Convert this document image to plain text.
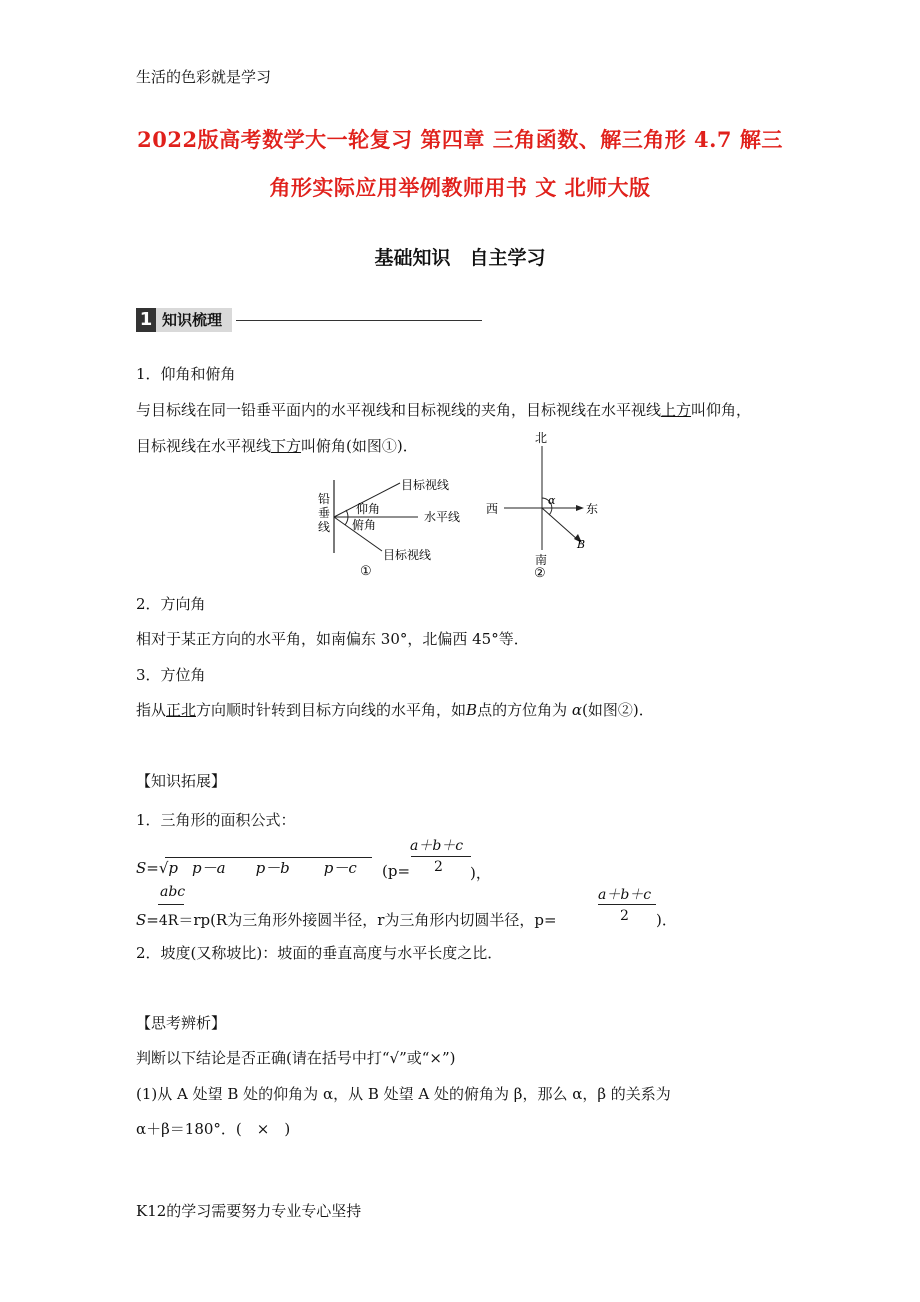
生活的色彩就是学习
2022版高考数学大一轮复习 第四章 三角函数、解三角形 4.7 解三
角形实际应用举例教师用书 文 北师大版
基础知识　自主学习
1 知识梳理
1．仰角和俯角
与目标线在同一铅垂平面内的水平视线和目标视线的夹角，目标视线在水平视线上方叫仰角，
目标视线在水平视线下方叫俯角(如图①)．
铅
垂
线
目标视线
仰角
水平线
俯角
目标视线
①
北
南
西	东
α
B
②
2．方向角
相对于某正方向的水平角，如南偏东 30°，北偏西 45°等．
3．方位角
指从正北方向顺时针转到目标方向线的水平角，如B点的方位角为 α(如图②)．
【知识拓展】
1．三角形的面积公式：
S=√p p－a p－b p－c (p=
a＋b＋c
2 )，
abc
S=4R＝rp(R为三角形外接圆半径，r为三角形内切圆半径，p=
a＋b＋c
2 )．
2．坡度(又称坡比)：坡面的垂直高度与水平长度之比．
【思考辨析】
判断以下结论是否正确(请在括号中打“√”或“×”)
(1)从 A 处望 B 处的仰角为 α，从 B 处望 A 处的俯角为 β，那么 α，β 的关系为
α＋β＝180°．(　×　)
K12的学习需要努力专业专心坚持
